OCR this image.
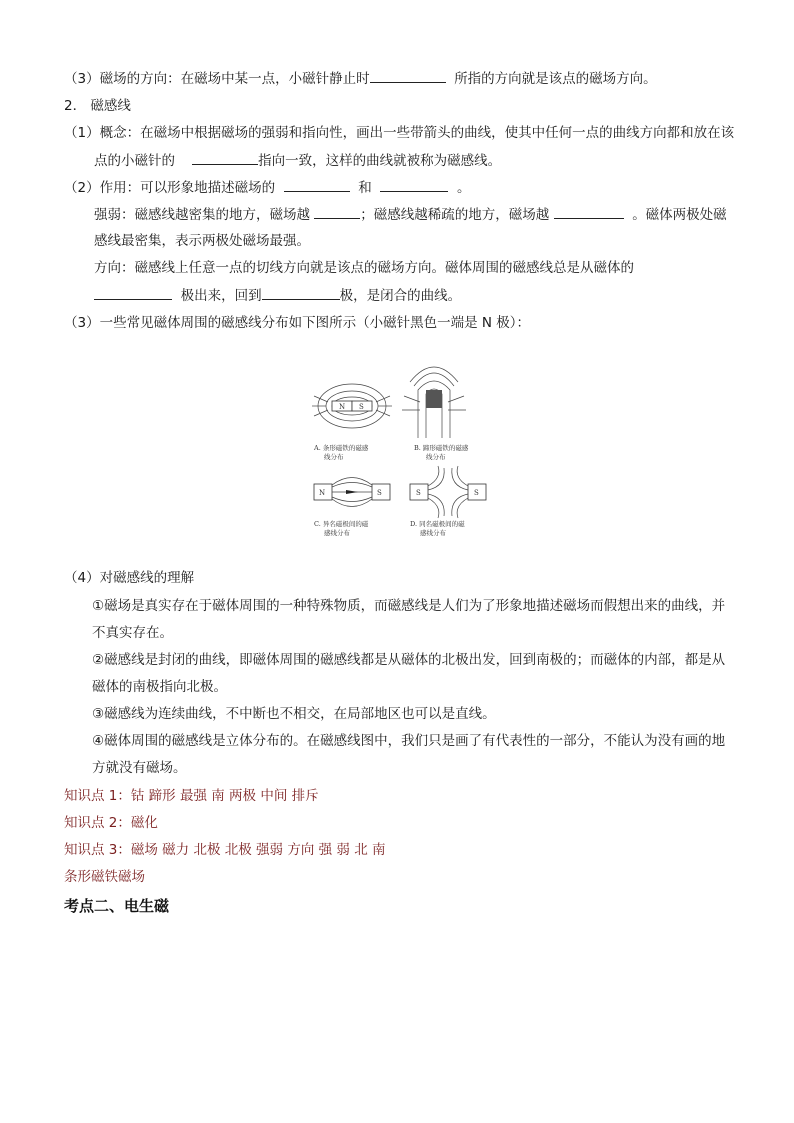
（3）磁场的方向：在磁场中某一点，小磁针静止时	所指的方向就是该点的磁场方向。
2． 磁感线
（1）概念：在磁场中根据磁场的强弱和指向性，画出一些带箭头的曲线，使其中任何一点的曲线方向都和放在该
点的小磁针的	指向一致，这样的曲线就被称为磁感线。
（2）作用：可以形象地描述磁场的	和	。
强弱：磁感线越密集的地方，磁场越	；磁感线越稀疏的地方，磁场越	。磁体两极处磁
感线最密集，表示两极处磁场最强。
方向：磁感线上任意一点的切线方向就是该点的磁场方向。磁体周围的磁感线总是从磁体的
极出来，回到	极，是闭合的曲线。
（3）一些常见磁体周围的磁感线分布如下图所示（小磁针黑色一端是 N 极）：
N S
A. 条形磁铁的磁感
线分布
B. 蹄形磁铁的磁感
线分布
N	S
C. 异名磁极间的磁
感线分布
S	S
D. 同名磁极间的磁
感线分布
（4）对磁感线的理解
①磁场是真实存在于磁体周围的一种特殊物质，而磁感线是人们为了形象地描述磁场而假想出来的曲线，并
不真实存在。
②磁感线是封闭的曲线，即磁体周围的磁感线都是从磁体的北极出发，回到南极的；而磁体的内部，都是从
磁体的南极指向北极。
③磁感线为连续曲线，不中断也不相交，在局部地区也可以是直线。
④磁体周围的磁感线是立体分布的。在磁感线图中，我们只是画了有代表性的一部分，不能认为没有画的地
方就没有磁场。
知识点 1：钴 蹄形 最强 南 两极 中间 排斥
知识点 2：磁化
知识点 3：磁场 磁力 北极 北极 强弱 方向 强 弱 北 南
条形磁铁磁场
考点二、电生磁
